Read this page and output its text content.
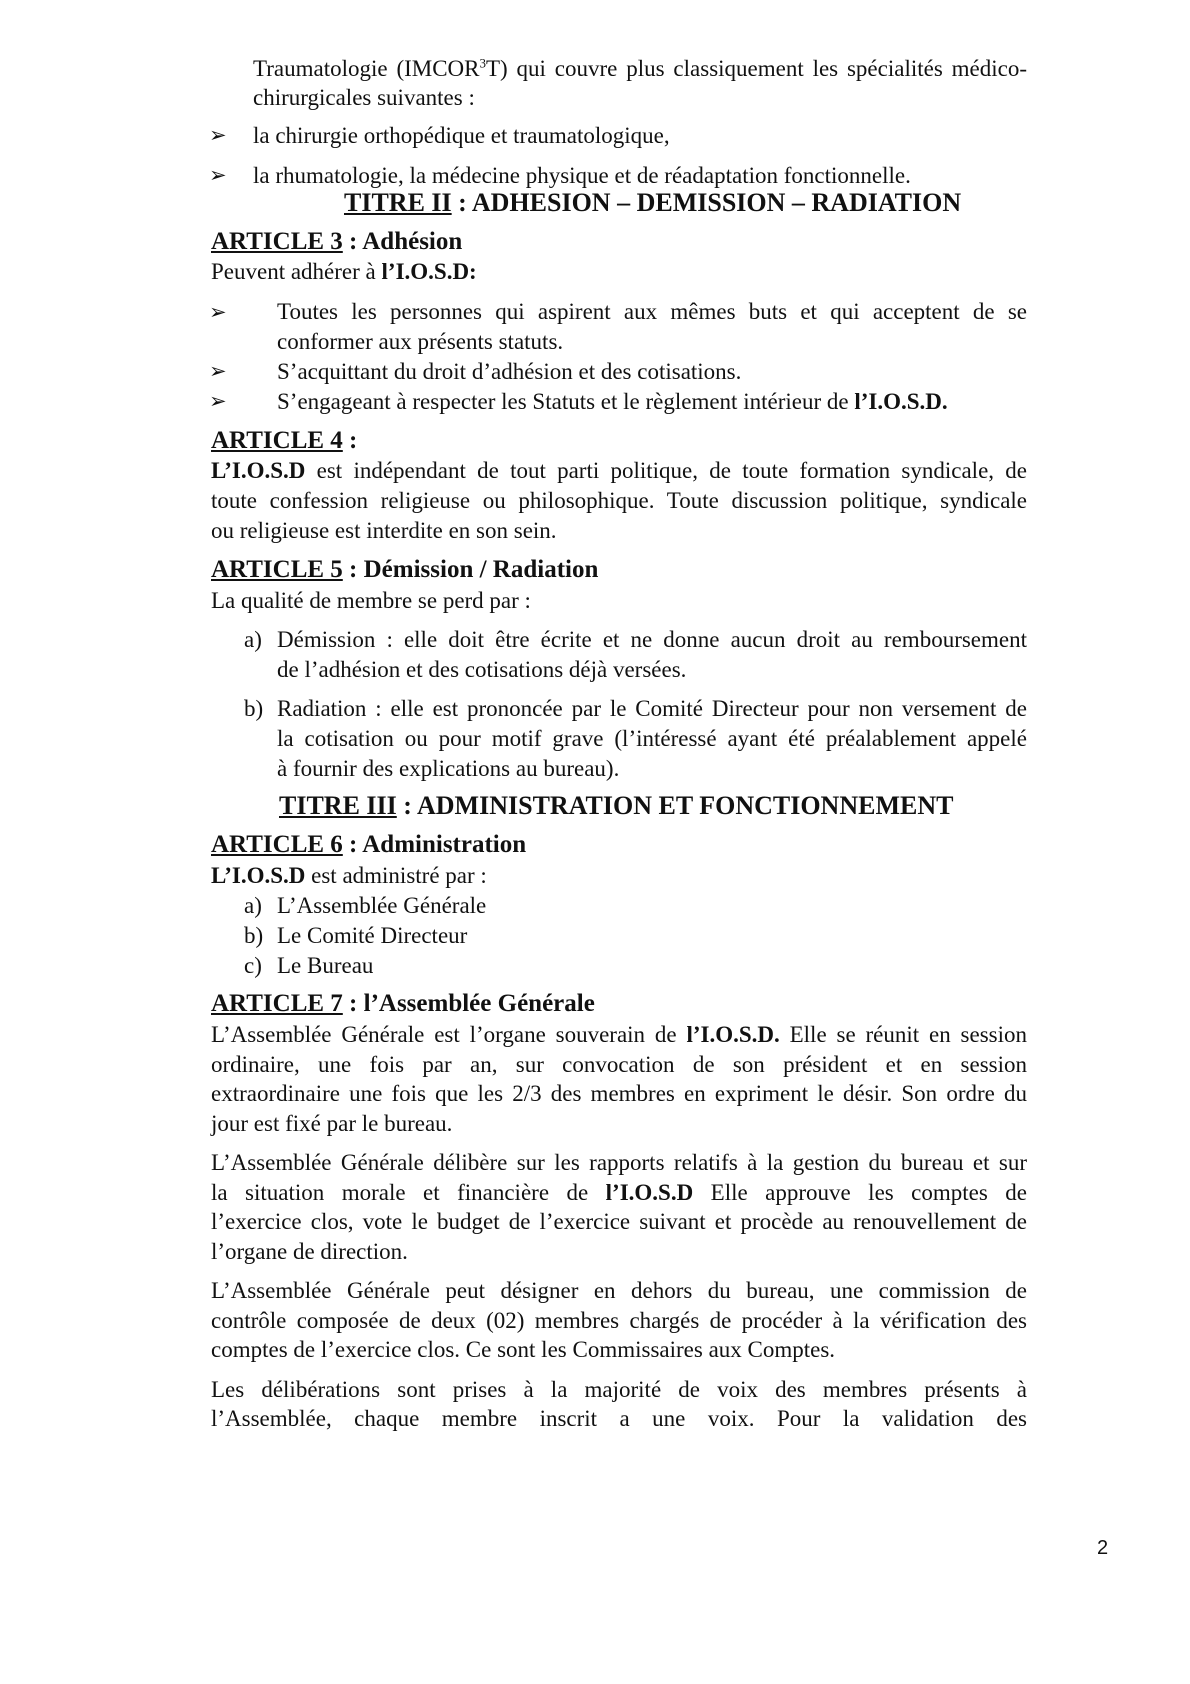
Traumatologie (IMCOR$^3$T) qui couvre plus classiquement les spécialités médico-
chirurgicales suivantes :
➢ la chirurgie orthopédique et traumatologique,
➢ la rhumatologie, la médecine physique et de réadaptation fonctionnelle.
TITRE II : ADHESION – DEMISSION – RADIATION
ARTICLE 3 : Adhésion
Peuvent adhérer à l’I.O.S.D:
➢ Toutes les personnes qui aspirent aux mêmes buts et qui acceptent de se
conformer aux présents statuts.
➢ S’acquittant du droit d’adhésion et des cotisations.
➢ S’engageant à respecter les Statuts et le règlement intérieur de l’I.O.S.D.
ARTICLE 4 :
L’I.O.S.D est indépendant de tout parti politique, de toute formation syndicale, de
toute confession religieuse ou philosophique. Toute discussion politique, syndicale
ou religieuse est interdite en son sein.
ARTICLE 5 : Démission / Radiation
La qualité de membre se perd par :
a) Démission : elle doit être écrite et ne donne aucun droit au remboursement
de l’adhésion et des cotisations déjà versées.
b) Radiation : elle est prononcée par le Comité Directeur pour non versement de
la cotisation ou pour motif grave (l’intéressé ayant été préalablement appelé
à fournir des explications au bureau).
TITRE III : ADMINISTRATION ET FONCTIONNEMENT
ARTICLE 6 : Administration
L’I.O.S.D est administré par :
a) L’Assemblée Générale
b) Le Comité Directeur
c) Le Bureau
ARTICLE 7 : l’Assemblée Générale
L’Assemblée Générale est l’organe souverain de l’I.O.S.D. Elle se réunit en session
ordinaire, une fois par an, sur convocation de son président et en session
extraordinaire une fois que les 2/3 des membres en expriment le désir. Son ordre du
jour est fixé par le bureau.
L’Assemblée Générale délibère sur les rapports relatifs à la gestion du bureau et sur
la situation morale et financière de l’I.O.S.D Elle approuve les comptes de
l’exercice clos, vote le budget de l’exercice suivant et procède au renouvellement de
l’organe de direction.
L’Assemblée Générale peut désigner en dehors du bureau, une commission de
contrôle composée de deux (02) membres chargés de procéder à la vérification des
comptes de l’exercice clos. Ce sont les Commissaires aux Comptes.
Les délibérations sont prises à la majorité de voix des membres présents à
l’Assemblée, chaque membre inscrit a une voix. Pour la validation des
2
